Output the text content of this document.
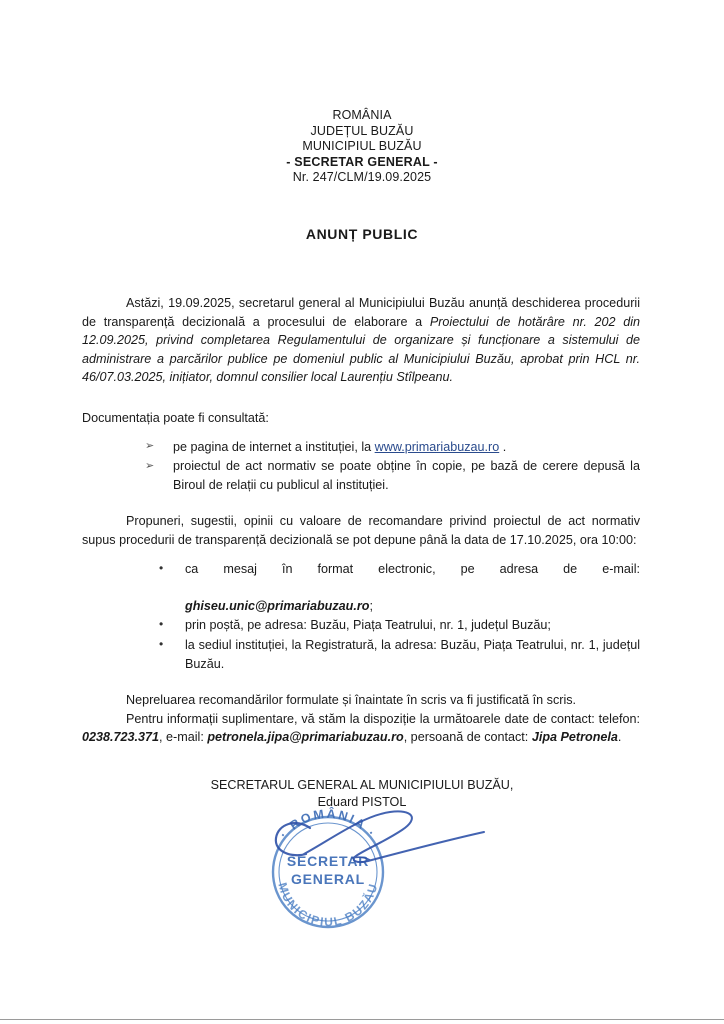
ROMÂNIA
JUDEȚUL BUZĂU
MUNICIPIUL BUZĂU
- SECRETAR GENERAL -
Nr. 247/CLM/19.09.2025
ANUNȚ PUBLIC

Astăzi, 19.09.2025, secretarul general al Municipiului Buzău anunță deschiderea procedurii de transparență decizională a procesului de elaborare a Proiectului de hotărâre nr. 202 din 12.09.2025, privind completarea Regulamentului de organizare și funcționare a sistemului de administrare a parcărilor publice pe domeniul public al Municipiului Buzău, aprobat prin HCL nr. 46/07.03.2025, inițiator, domnul consilier local Laurențiu Stîlpeanu.

Documentația poate fi consultată:

➢ pe pagina de internet a instituției, la www.primariabuzau.ro .
➢ proiectul de act normativ se poate obține în copie, pe bază de cerere depusă la Biroul de relații cu publicul al instituției.

Propuneri, sugestii, opinii cu valoare de recomandare privind proiectul de act normativ supus procedurii de transparență decizională se pot depune până la data de 17.10.2025, ora 10:00:

• ca mesaj în format electronic, pe adresa de e-mail:
ghiseu.unic@primariabuzau.ro;
• prin poștă, pe adresa: Buzău, Piața Teatrului, nr. 1, județul Buzău;
• la sediul instituției, la Registratură, la adresa: Buzău, Piața Teatrului, nr. 1, județul Buzău.

Nepreluarea recomandărilor formulate și înaintate în scris va fi justificată în scris.

Pentru informații suplimentare, vă stăm la dispoziție la următoarele date de contact: telefon: 0238.723.371, e-mail: petronela.jipa@primariabuzau.ro, persoană de contact: Jipa Petronela.

SECRETARUL GENERAL AL MUNICIPIULUI BUZĂU,
Eduard PISTOL
· ROMÂNIA ·
SECRETAR
GENERAL
MUNICIPIUL BUZĂU
